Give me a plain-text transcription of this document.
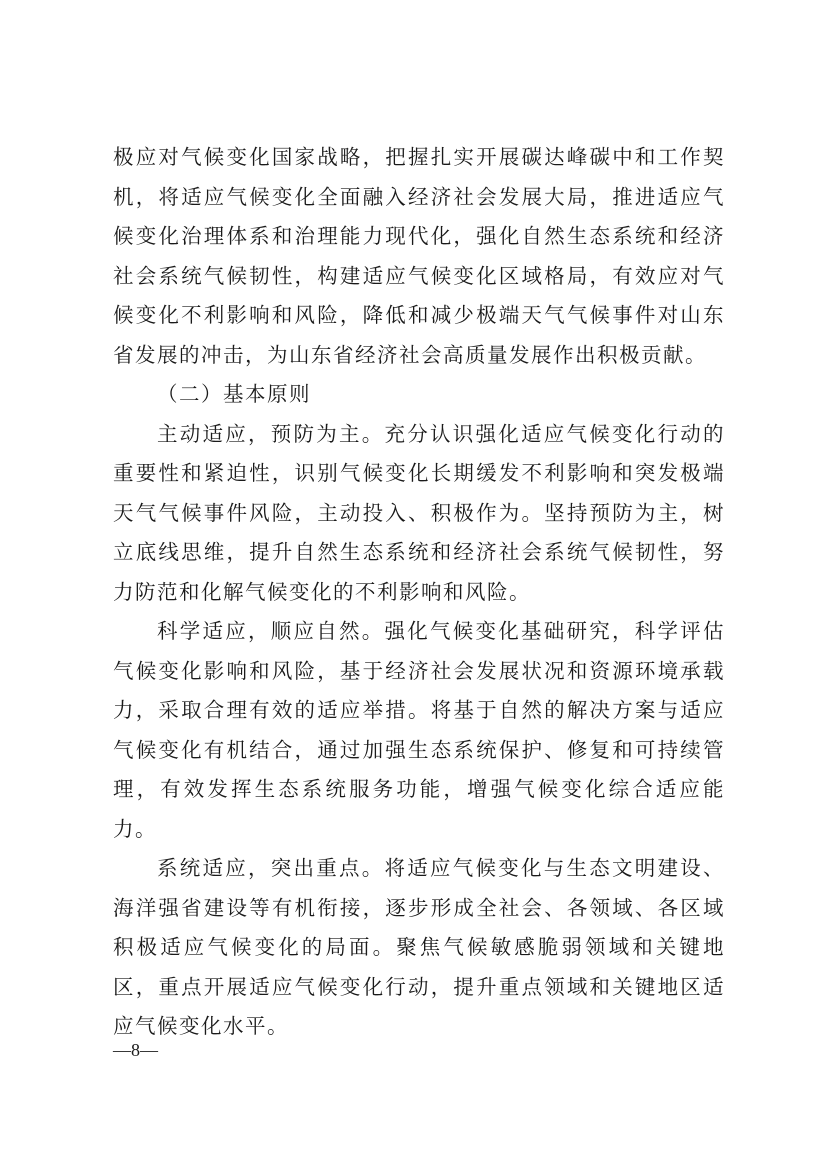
极应对气候变化国家战略，把握扎实开展碳达峰碳中和工作契机，将适应气候变化全面融入经济社会发展大局，推进适应气候变化治理体系和治理能力现代化，强化自然生态系统和经济社会系统气候韧性，构建适应气候变化区域格局，有效应对气候变化不利影响和风险，降低和减少极端天气气候事件对山东省发展的冲击，为山东省经济社会高质量发展作出积极贡献。

（二）基本原则

主动适应，预防为主。充分认识强化适应气候变化行动的重要性和紧迫性，识别气候变化长期缓发不利影响和突发极端天气气候事件风险，主动投入、积极作为。坚持预防为主，树立底线思维，提升自然生态系统和经济社会系统气候韧性，努力防范和化解气候变化的不利影响和风险。

科学适应，顺应自然。强化气候变化基础研究，科学评估气候变化影响和风险，基于经济社会发展状况和资源环境承载力，采取合理有效的适应举措。将基于自然的解决方案与适应气候变化有机结合，通过加强生态系统保护、修复和可持续管理，有效发挥生态系统服务功能，增强气候变化综合适应能力。

系统适应，突出重点。将适应气候变化与生态文明建设、海洋强省建设等有机衔接，逐步形成全社会、各领域、各区域积极适应气候变化的局面。聚焦气候敏感脆弱领域和关键地区，重点开展适应气候变化行动，提升重点领域和关键地区适应气候变化水平。

—8—
